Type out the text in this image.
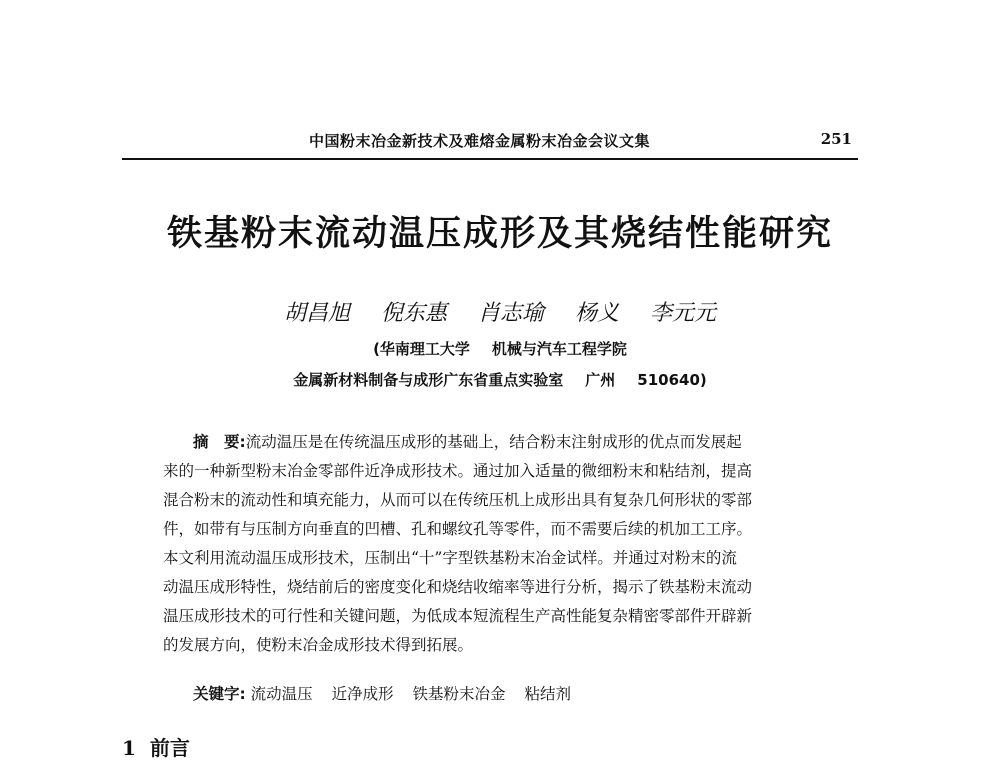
中国粉末冶金新技术及难熔金属粉末冶金会议文集	251
铁基粉末流动温压成形及其烧结性能研究
胡昌旭 倪东惠 肖志瑜 杨义 李元元
(华南理工大学 机械与汽车工程学院
金属新材料制备与成形广东省重点实验室 广州 510640)
摘　要:流动温压是在传统温压成形的基础上，结合粉末注射成形的优点而发展起
来的一种新型粉末冶金零部件近净成形技术。通过加入适量的微细粉末和粘结剂，提高
混合粉末的流动性和填充能力，从而可以在传统压机上成形出具有复杂几何形状的零部
件，如带有与压制方向垂直的凹槽、孔和螺纹孔等零件，而不需要后续的机加工工序。
本文利用流动温压成形技术，压制出“十”字型铁基粉末冶金试样。并通过对粉末的流
动温压成形特性，烧结前后的密度变化和烧结收缩率等进行分析，揭示了铁基粉末流动
温压成形技术的可行性和关键问题，为低成本短流程生产高性能复杂精密零部件开辟新
的发展方向，使粉末冶金成形技术得到拓展。
关键字: 流动温压 近净成形 铁基粉末冶金 粘结剂
1 前言
